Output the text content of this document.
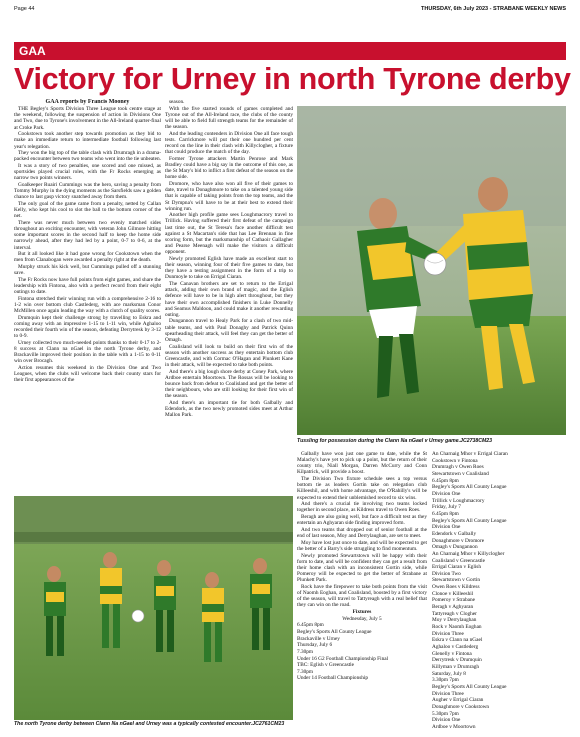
Page 44	THURSDAY, 6th July 2023 - STRABANE WEEKLY NEWS
GAA
Victory for Urney in north Tyrone derby

GAA reports by Francis Mooney

THE Begley's Sports Division Three League took centre stage at the weekend, following the suspension of action in Divisions One and Two, due to Tyrone's involvement in the All-Ireland quarter-final at Croke Park.

Cookstown took another step towards promotion as they bid to make an immediate return to intermediate football following last year's relegation.

They won the big top of the table clash with Drumragh in a drama-packed encounter between two teams who went into the tie unbeaten.

It was a story of two penalties, one scored and one missed, as sportsides played crucial roles, with the Fr Rocks emerging as narrow two points winners.

Goalkeeper Ruairi Cummings was the hero, saving a penalty from Tommy Murphy in the dying moments as the Sarsfields saw a golden chance to last gasp victory snatched away from them.

The only goal of the game came from a penalty, netted by Callan Kelly, who kept his cool to slot the ball to the bottom corner of the net.

There was never much between two evenly matched sides throughout an exciting encounter, with veteran John Gilmore hitting some important scores in the second half to keep the home side narrowly ahead, after they had led by a point, 0-7 to 0-6, at the interval.

But it all looked like it had gone wrong for Cookstown when the men from Clanabogan were awarded a penalty right at the death.

Murphy struck his kick well, but Cummings pulled off a stunning save.

The Fr Rocks now have full points from eight games, and share the leadership with Fintona, also with a perfect record from their eight outings to date.

Fintona stretched their winning run with a comprehensive 2-16 to 1-2 win over bottom club Castlederg, with ace marksman Conor McMillen once again leading the way with a clutch of quality scores.

Drumquin kept their challenge strong by travelling to Eskra and coming away with an impressive 1-15 to 1-11 win, while Aghaloo recorded their fourth win of the season, defeating Derrytresk by 3-12 to 0-9.

Urney collected two much-needed points thanks to their 0-17 to 2-8 success at Clann na nGael in the north Tyrone derby, and Brackaville improved their position in the table with a 1-15 to 0-11 win over Brocagh.

Action resumes this weekend in the Division One and Two Leagues, when the clubs will welcome back their county stars for their first appearances of the

season.

With the five started rounds of games completed and Tyrone out of the All-Ireland race, the clubs of the county will be able to field full strength teams for the remainder of the season.

And the leading contenders in Division One all face tough tests. Carrickmore will put their one hundred per cent record on the line in their clash with Killyclogher, a fixture that could produce the match of the day.

Former Tyrone attackers Martin Penrose and Mark Bradley could have a big say in the outcome of this one, as the St Mary's bid to inflict a first defeat of the season on the home side.

Dromore, who have also won all five of their games to date, travel to Donaghmore to take on a talented young side that is capable of taking points from the top teams, and the St Dympna's will have to be at their best to extend their winning run.

Another high profile game sees Loughmacrory travel to Trillick. Having suffered their first defeat of the campaign last time out, the St Teresa's face another difficult test against a St Macartan's side that has Lee Brennan in fine scoring form, but the marksmanship of Cathaoir Gallagher and Pearse Meenagh will make the visitors a difficult opponent.

Newly promoted Eglish have made an excellent start to their season, winning four of their five games to date, but they have a testing assignment in the form of a trip to Dunmoyle to take on Errigal Ciaran.

The Canavan brothers are set to return to the Errigal attack, adding their own brand of magic, and the Eglish defence will have to be in high alert throughout, but they have their own accomplished finishers in Luke Donnelly and Seamus Maldoon, and could make it another rewarding outing.

Dungannon travel to Healy Park for a clash of two mid-table teams, and with Paul Donaghy and Patrick Quinn spearheading their attack, will feel they can get the better of Omagh.

Coalisland will look to build on their first win of the season with another success as they entertain bottom club Greencastle, and with Cormac O'Hagan and Plunkett Kane in their attack, will be expected to take both points.

And there's a big lough shore derby at Coney Park, where Ardboe entertain Moortown. The Rossas will be looking to bounce back from defeat to Coalisland and get the better of their neighbours, who are still looking for their first win of the season.

And there's an important tie for both Galbally and Edendork, as the two newly promoted sides meet at Arthur Mallon Park.

Tussling for possession during the Clann Na nGael v Urney game.JC2738CM23
The north Tyrone derby between Clann Na nGael and Urney was a typically contested encounter.JC2761CM23

Galbally have won just one game to date, while the St Malachy's have yet to pick up a point, but the return of their county trio, Niall Morgan, Darren McCurry and Conn Kilpatrick, will provide a boost.

The Division Two fixture schedule sees a top versus bottom tie as leaders Gortin take on relegation club Killeeshil, and with home advantage, the O'Rahilly's will be expected to extend their unblemished record to six wins.

And there's a crucial tie involving two teams locked together in second place, as Kildress travel to Owen Roes.

Beragh are also going well, but face a difficult test as they entertain an Aghyaran side finding improved form.

And two teams that dropped out of senior football at the end of last season, Moy and Derrylaughan, are set to meet.

Moy have lost just once to date, and will be expected to get the better of a Barry's side struggling to find momentum.

Newly promoted Stewartstown will be happy with their form to date, and will be confident they can get a result from their home clash with an inconsistent Gortin side, while Pomeroy will be expected to get the better of Strabane at Plunkett Park.

Rock have the firepower to take both points from the visit of Naomh Eoghan, and Coalisland, boosted by a first victory of the season, will travel to Tattyreagh with a real belief that they can win on the road.

Fixtures

Wednesday, July 5

6.45pm 8pm

Begley's Sports All County League

Brackaville v Urney

Thursday, July 6

7.30pm

Under 16 G2 Football Championship Final

TBC: Eglish v Greencastle

7.30pm

Under 14 Football Championship

An Charnaig Mhor v Errigal Ciaran

Cookstown v Fintona

Drumragh v Owen Roes

Stewartstown v Coalisland

6.45pm 8pm

Begley's Sports All County League

Division One

Trillick v Loughmacrory

Friday, July 7

6.45pm 8pm

Begley's Sports All County League

Division One

Edendork v Galbally

Donaghmore v Dromore

Omagh v Dungannon

An Charnaig Mhor v Killyclogher

Coalisland v Greencastle

Errigal Ciaran v Eglish

Division Two

Stewartstown v Gortin

Owen Roes v Kildress

Clonoe v Killeeshil

Pomeroy v Strabane

Beragh v Aghyaran

Tattyreagh v Clogher

Moy v Derrylaughan

Rock v Naomh Eoghan

Division Three

Eskra v Clann na nGael

Aghaloo v Castlederg

Glenelly v Fintona

Derrytresk v Drumquin

Killyman v Drumragh

Saturday, July 8

3.30pm 7pm

Begley's Sports All County League

Division Three

Augher v Errigal Ciaran

Donaghmore v Cookstown

5.30pm 7pm

Division One

Ardboe v Moortown
